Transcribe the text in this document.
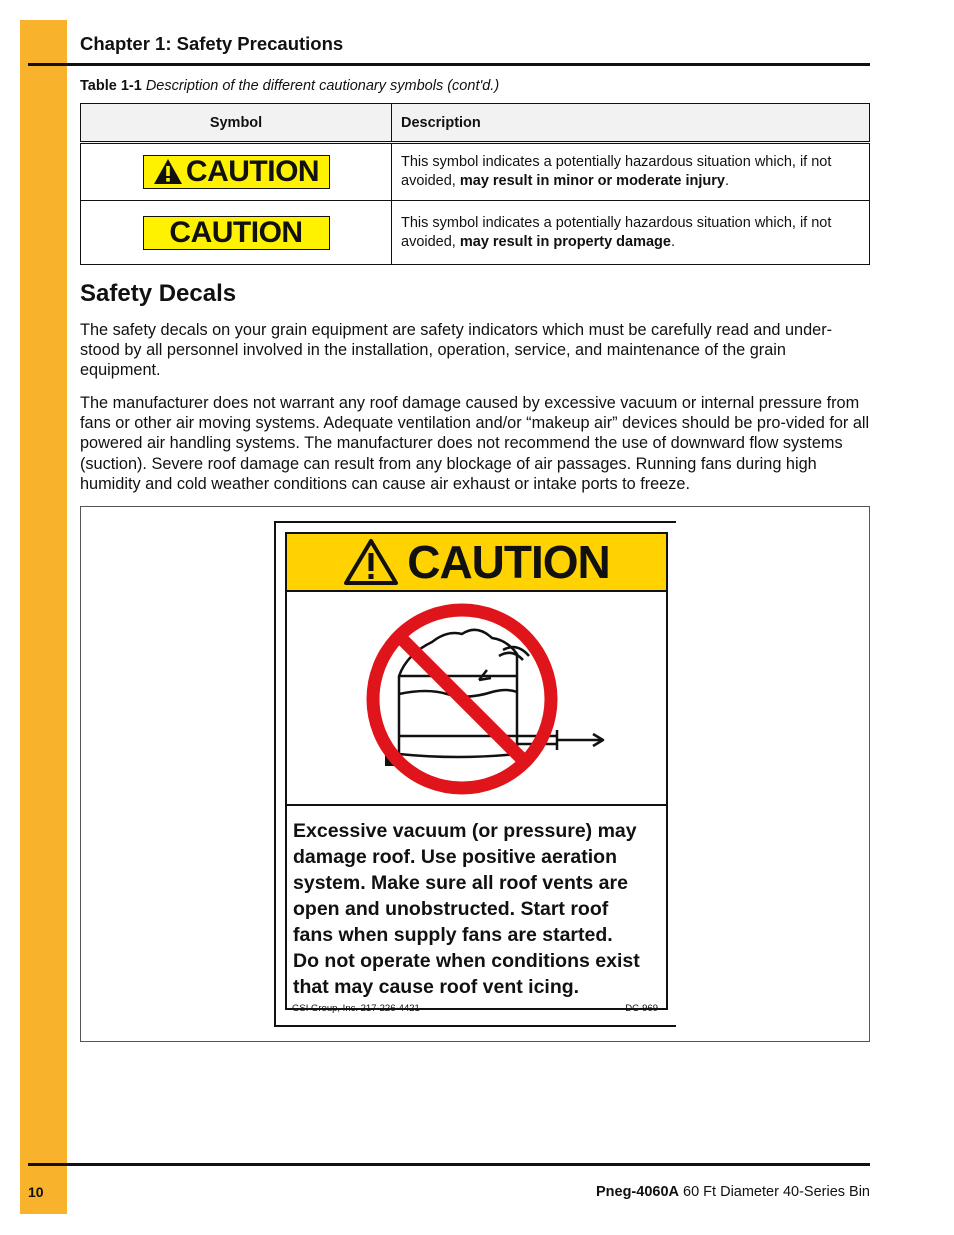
Chapter 1: Safety Precautions
Table 1-1 Description of the different cautionary symbols (cont'd.)
Symbol	Description

CAUTION	This symbol indicates a potentially hazardous situation which, if not avoided, may result in minor or moderate injury.

CAUTION	This symbol indicates a potentially hazardous situation which, if not avoided, may result in property damage.
Safety Decals

The safety decals on your grain equipment are safety indicators which must be carefully read and under-stood by all personnel involved in the installation, operation, service, and maintenance of the grain equipment.

The manufacturer does not warrant any roof damage caused by excessive vacuum or internal pressure from fans or other air moving systems. Adequate ventilation and/or “makeup air” devices should be pro-vided for all powered air handling systems. The manufacturer does not recommend the use of downward flow systems (suction). Severe roof damage can result from any blockage of air passages. Running fans during high humidity and cold weather conditions can cause air exhaust or intake ports to freeze.

CAUTION
Excessive vacuum (or pressure) may
damage roof. Use positive aeration
system. Make sure all roof vents are
open and unobstructed. Start roof
fans when supply fans are started.
Do not operate when conditions exist
that may cause roof vent icing.
GSI Group, Inc. 217-226-4421	DC-969
10	Pneg-4060A 60 Ft Diameter 40-Series Bin
